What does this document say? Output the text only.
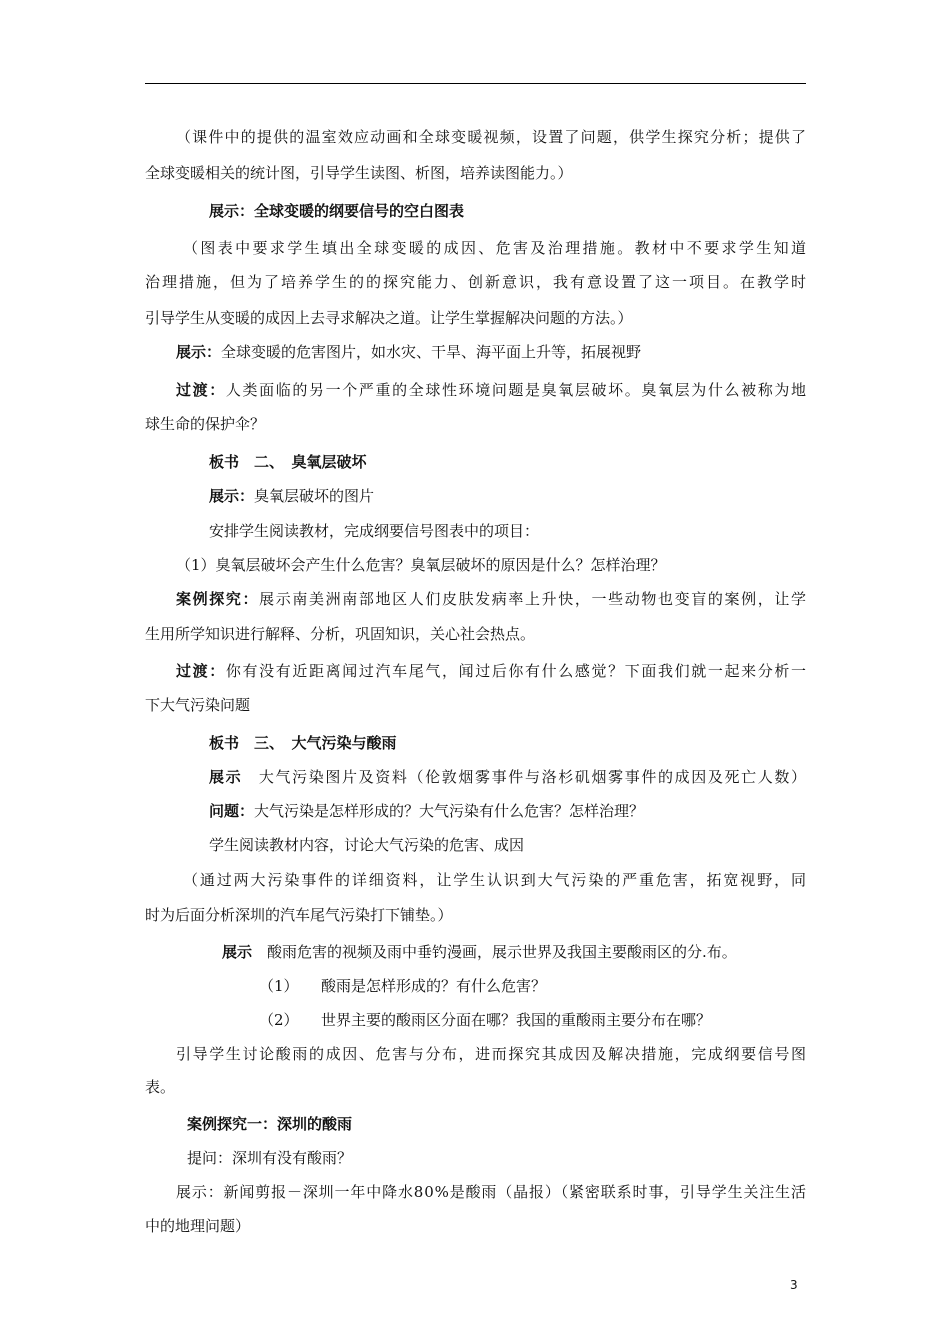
（课件中的提供的温室效应动画和全球变暖视频，设置了问题，供学生探究分析；提供了
全球变暖相关的统计图，引导学生读图、析图，培养读图能力。）
展示：全球变暖的纲要信号的空白图表
（图表中要求学生填出全球变暖的成因、危害及治理措施。教材中不要求学生知道
治理措施，但为了培养学生的的探究能力、创新意识，我有意设置了这一项目。在教学时
引导学生从变暖的成因上去寻求解决之道。让学生掌握解决问题的方法。）
展示：全球变暖的危害图片，如水灾、干旱、海平面上升等，拓展视野
过渡：人类面临的另一个严重的全球性环境问题是臭氧层破坏。臭氧层为什么被称为地
球生命的保护伞？
板书　二、　臭氧层破坏
展示：臭氧层破坏的图片
安排学生阅读教材，完成纲要信号图表中的项目：
（1）臭氧层破坏会产生什么危害？臭氧层破坏的原因是什么？怎样治理？
案例探究：展示南美洲南部地区人们皮肤发病率上升快，一些动物也变盲的案例，让学
生用所学知识进行解释、分析，巩固知识，关心社会热点。
过渡：你有没有近距离闻过汽车尾气，闻过后你有什么感觉？下面我们就一起来分析一
下大气污染问题
板书　三、　大气污染与酸雨
展示　大气污染图片及资料（伦敦烟雾事件与洛杉矶烟雾事件的成因及死亡人数）
问题：大气污染是怎样形成的？大气污染有什么危害？怎样治理？
学生阅读教材内容，讨论大气污染的危害、成因
（通过两大污染事件的详细资料，让学生认识到大气污染的严重危害，拓宽视野，同
时为后面分析深圳的汽车尾气污染打下铺垫。）
展示　酸雨危害的视频及雨中垂钓漫画，展示世界及我国主要酸雨区的分.布。
（1）　　酸雨是怎样形成的？有什么危害？
（2）　　世界主要的酸雨区分面在哪？我国的重酸雨主要分布在哪？
引导学生讨论酸雨的成因、危害与分布，进而探究其成因及解决措施，完成纲要信号图
表。
案例探究一：深圳的酸雨
提问：深圳有没有酸雨？
展示：新闻剪报－深圳一年中降水80%是酸雨（晶报）（紧密联系时事，引导学生关注生活
中的地理问题）
3
